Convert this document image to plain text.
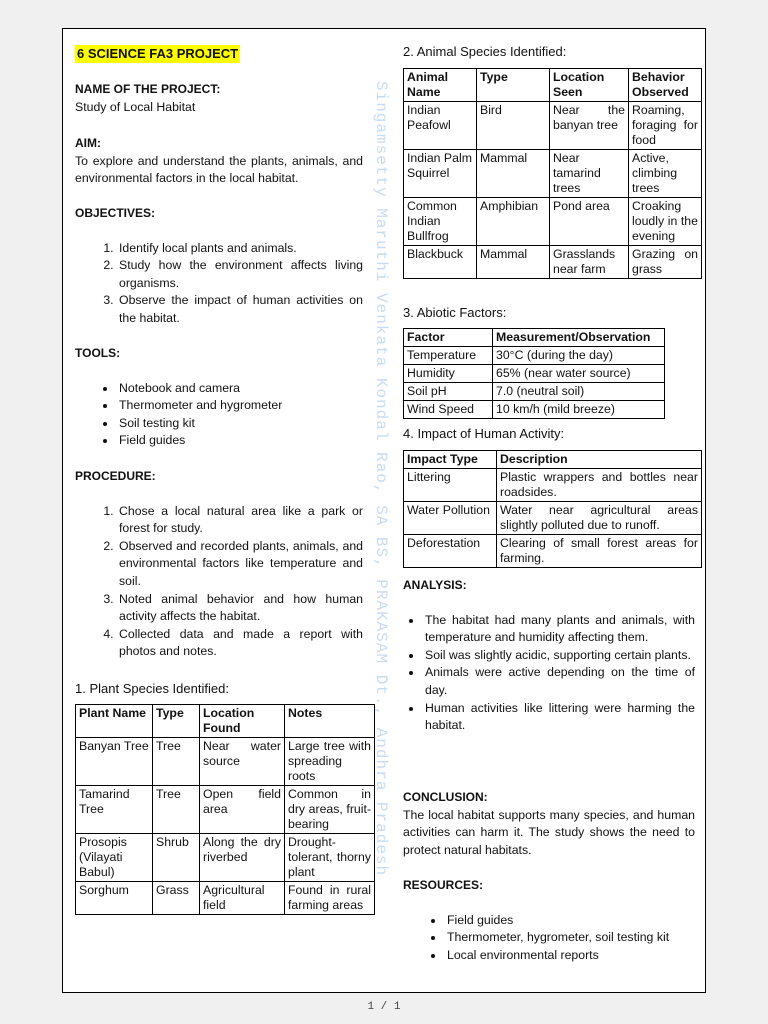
Singamsetty Maruthi Venkata Kondal Rao, SA BS, PRAKASAM Dt., Andhra Pradesh
6 SCIENCE FA3 PROJECT
NAME OF THE PROJECT:

Study of Local Habitat

AIM:

To explore and understand the plants, animals, and environmental factors in the local habitat.

OBJECTIVES:
1. Identify local plants and animals.
2. Study how the environment affects living organisms.
3. Observe the impact of human activities on the habitat.
TOOLS:
• Notebook and camera
• Thermometer and hygrometer
• Soil testing kit
• Field guides
PROCEDURE:
1. Chose a local natural area like a park or forest for study.
2. Observed and recorded plants, animals, and environmental factors like temperature and soil.
3. Noted animal behavior and how human activity affects the habitat.
4. Collected data and made a report with photos and notes.
1. Plant Species Identified:
Plant Name	Type	Location Found	Notes
Banyan Tree	Tree	Near water source	Large tree with spreading roots
Tamarind Tree	Tree	Open field area	Common in dry areas, fruit-bearing
Prosopis (Vilayati Babul)	Shrub	Along the dry riverbed	Drought-tolerant, thorny plant
Sorghum	Grass	Agricultural field	Found in rural farming areas
2. Animal Species Identified:
Animal Name	Type	Location Seen	Behavior Observed
Indian Peafowl	Bird	Near the banyan tree	Roaming, foraging for food
Indian Palm Squirrel	Mammal	Near tamarind trees	Active, climbing trees
Common Indian Bullfrog	Amphibian	Pond area	Croaking loudly in the evening
Blackbuck	Mammal	Grasslands near farm	Grazing on grass
3. Abiotic Factors:
Factor	Measurement/Observation
Temperature	30°C (during the day)
Humidity	65% (near water source)
Soil pH	7.0 (neutral soil)
Wind Speed	10 km/h (mild breeze)
4. Impact of Human Activity:
Impact Type	Description
Littering	Plastic wrappers and bottles near roadsides.
Water Pollution	Water near agricultural areas slightly polluted due to runoff.
Deforestation	Clearing of small forest areas for farming.
ANALYSIS:
• The habitat had many plants and animals, with temperature and humidity affecting them.
• Soil was slightly acidic, supporting certain plants.
• Animals were active depending on the time of day.
• Human activities like littering were harming the habitat.
CONCLUSION:

The local habitat supports many species, and human activities can harm it. The study shows the need to protect natural habitats.

RESOURCES:
• Field guides
• Thermometer, hygrometer, soil testing kit
• Local environmental reports
1 / 1
